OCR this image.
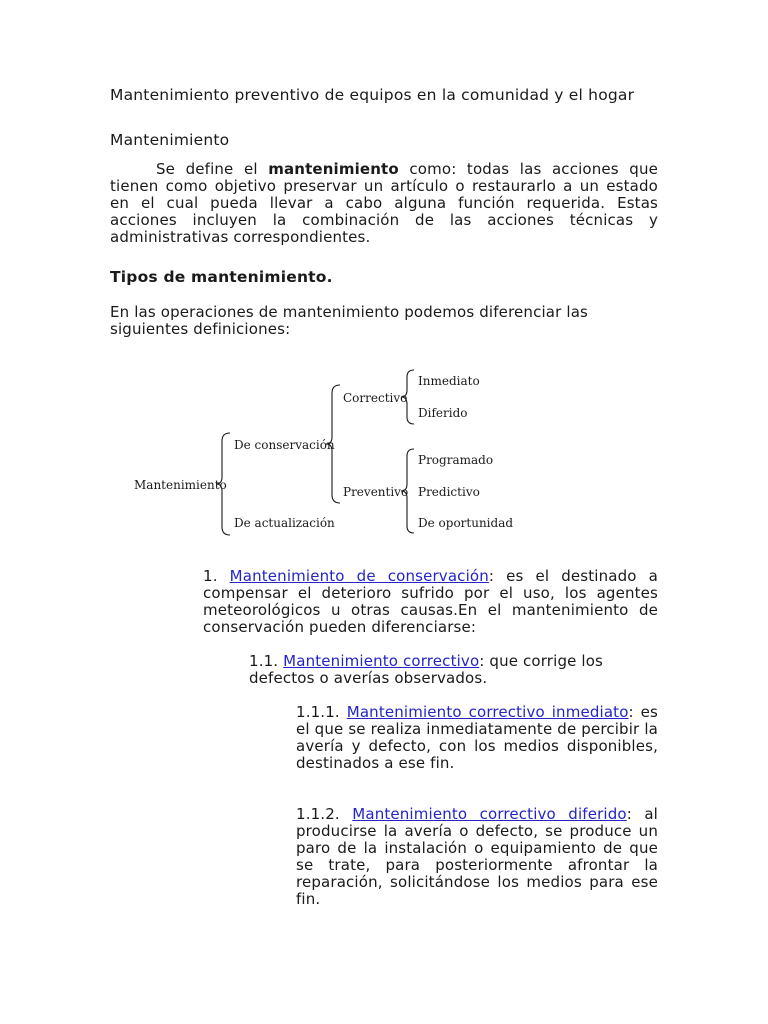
Mantenimiento preventivo de equipos en la comunidad y el hogar
Mantenimiento
Se define el mantenimiento como: todas las acciones que tienen como objetivo preservar un artículo o restaurarlo a un estado en el cual pueda llevar a cabo alguna función requerida. Estas acciones incluyen la combinación de las acciones técnicas y administrativas correspondientes.
Tipos de mantenimiento.
En las operaciones de mantenimiento podemos diferenciar las siguientes definiciones:
Mantenimiento
De conservación
De actualización
Correctivo
Preventivo
Inmediato
Diferido
Programado
Predictivo
De oportunidad
1. Mantenimiento de conservación: es el destinado a compensar el deterioro sufrido por el uso, los agentes meteorológicos u otras causas.En el mantenimiento de conservación pueden diferenciarse:
1.1. Mantenimiento correctivo: que corrige los defectos o averías observados.
1.1.1. Mantenimiento correctivo inmediato: es el que se realiza inmediatamente de percibir la avería y defecto, con los medios disponibles, destinados a ese fin.
1.1.2. Mantenimiento correctivo diferido: al producirse la avería o defecto, se produce un paro de la instalación o equipamiento de que se trate, para posteriormente afrontar la reparación, solicitándose los medios para ese fin.
